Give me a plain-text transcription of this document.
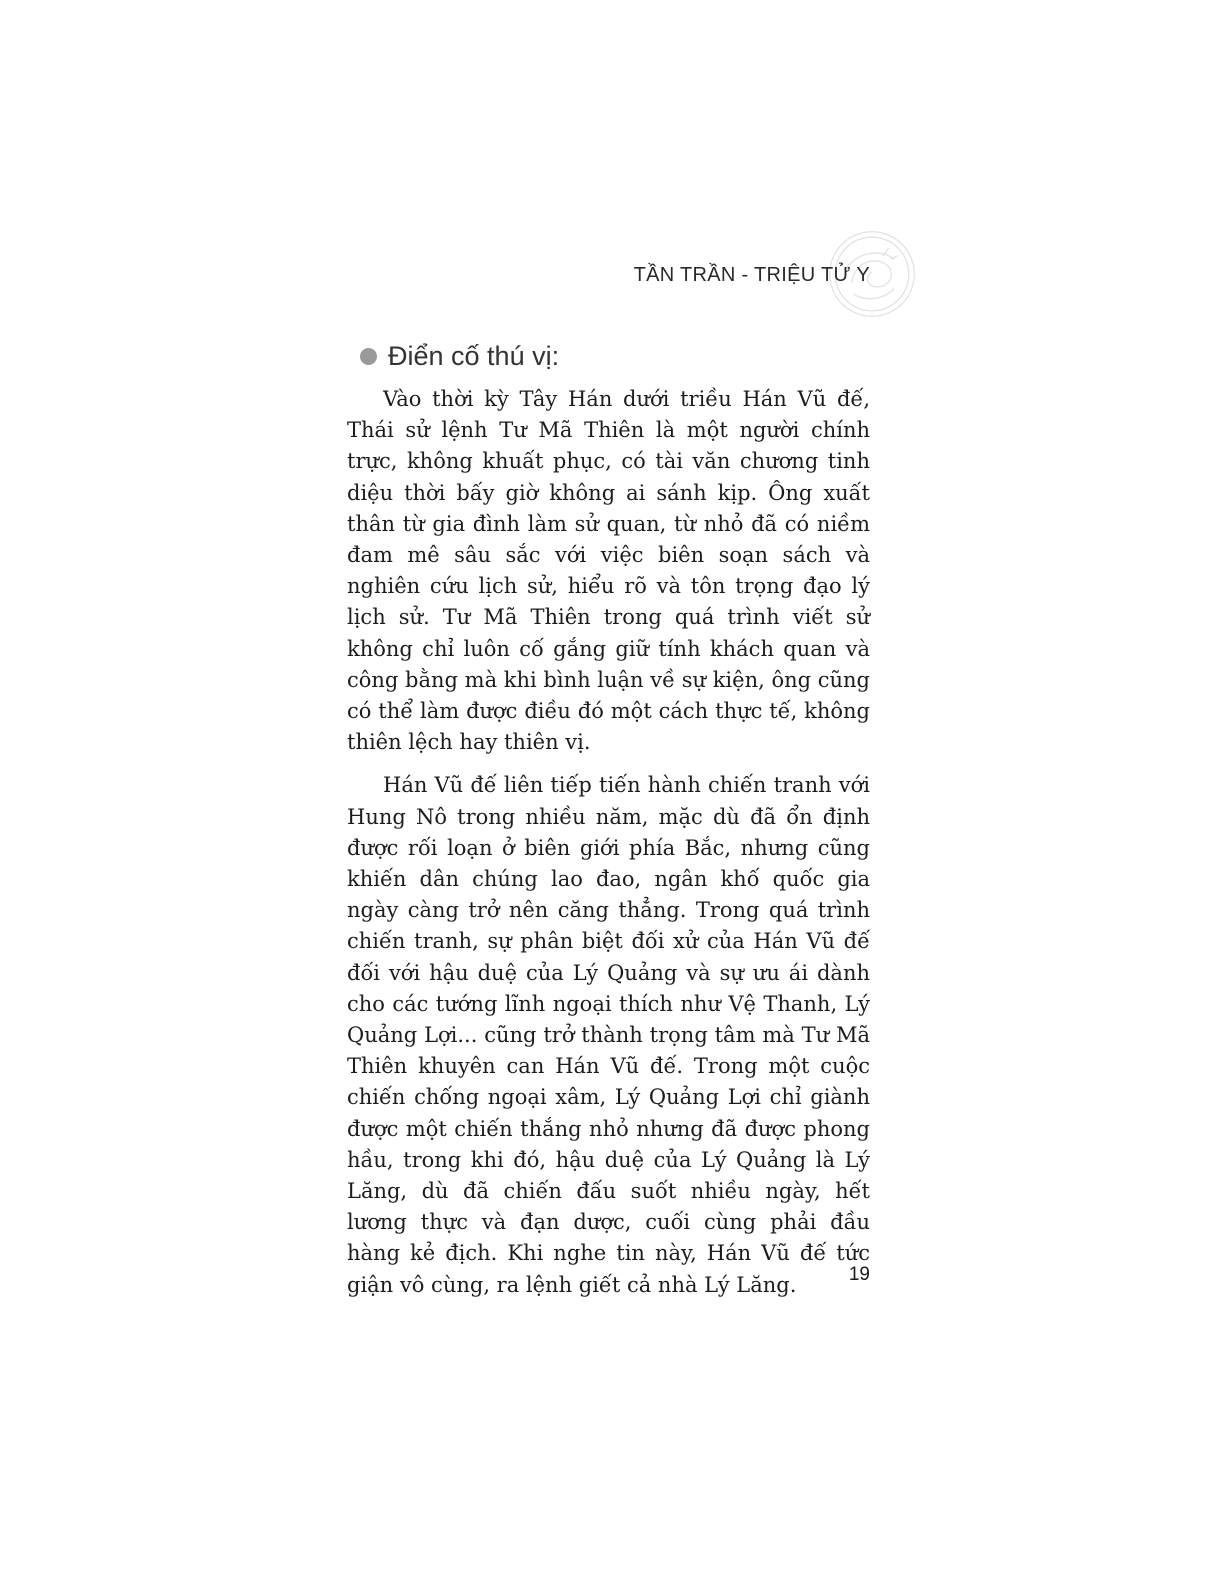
TẦN TRẦN - TRIỆU TỬ Y
Điển cố thú vị:

Vào thời kỳ Tây Hán dưới triều Hán Vũ đế, Thái sử lệnh Tư Mã Thiên là một người chính trực, không khuất phục, có tài văn chương tinh diệu thời bấy giờ không ai sánh kịp. Ông xuất thân từ gia đình làm sử quan, từ nhỏ đã có niềm đam mê sâu sắc với việc biên soạn sách và nghiên cứu lịch sử, hiểu rõ và tôn trọng đạo lý lịch sử. Tư Mã Thiên trong quá trình viết sử không chỉ luôn cố gắng giữ tính khách quan và công bằng mà khi bình luận về sự kiện, ông cũng có thể làm được điều đó một cách thực tế, không thiên lệch hay thiên vị.

Hán Vũ đế liên tiếp tiến hành chiến tranh với Hung Nô trong nhiều năm, mặc dù đã ổn định được rối loạn ở biên giới phía Bắc, nhưng cũng khiến dân chúng lao đao, ngân khố quốc gia ngày càng trở nên căng thẳng. Trong quá trình chiến tranh, sự phân biệt đối xử của Hán Vũ đế đối với hậu duệ của Lý Quảng và sự ưu ái dành cho các tướng lĩnh ngoại thích như Vệ Thanh, Lý Quảng Lợi... cũng trở thành trọng tâm mà Tư Mã Thiên khuyên can Hán Vũ đế. Trong một cuộc chiến chống ngoại xâm, Lý Quảng Lợi chỉ giành được một chiến thắng nhỏ nhưng đã được phong hầu, trong khi đó, hậu duệ của Lý Quảng là Lý Lăng, dù đã chiến đấu suốt nhiều ngày, hết lương thực và đạn dược, cuối cùng phải đầu hàng kẻ địch. Khi nghe tin này, Hán Vũ đế tức giận vô cùng, ra lệnh giết cả nhà Lý Lăng.	19
